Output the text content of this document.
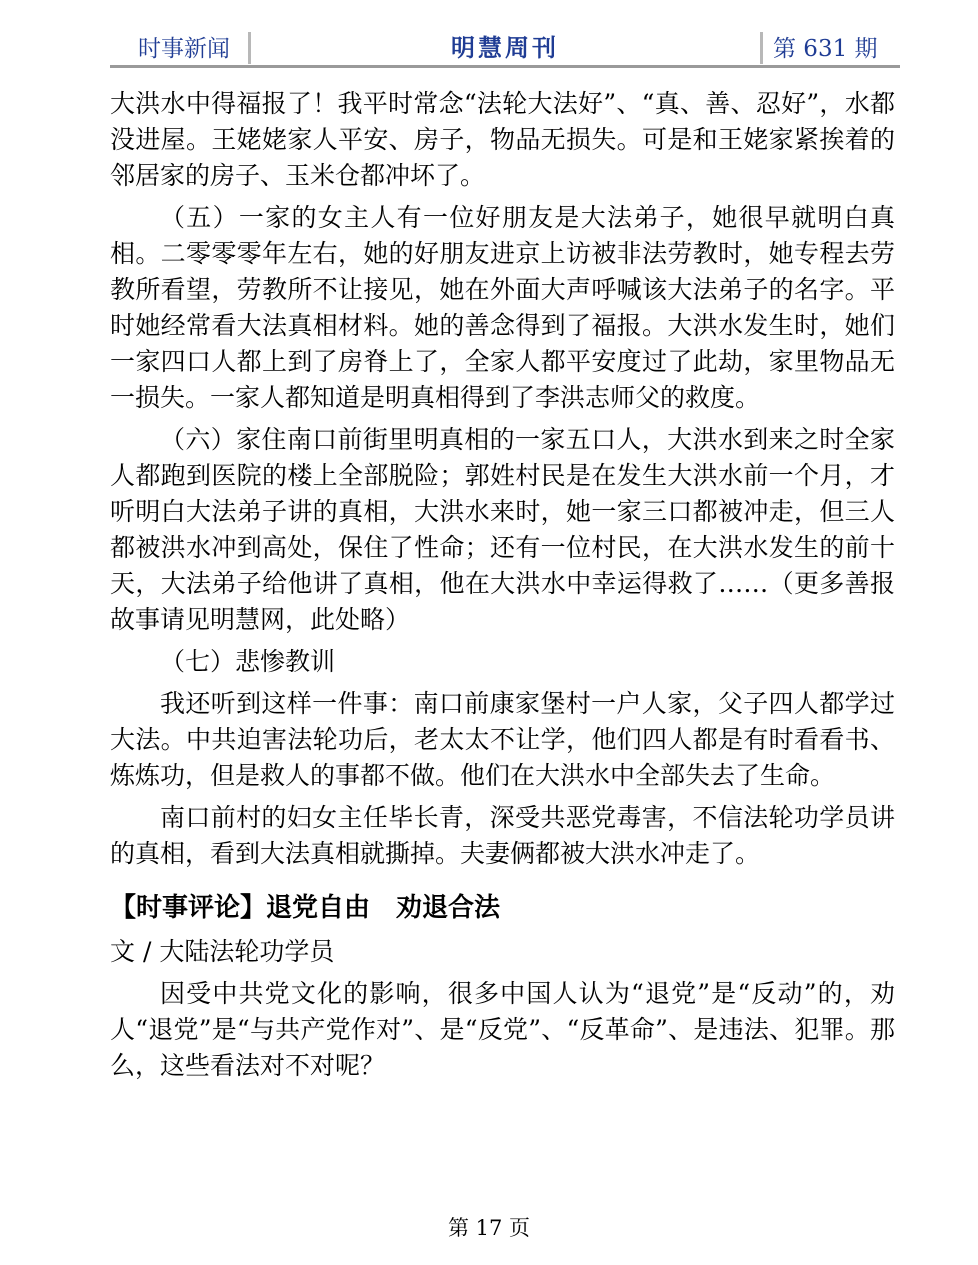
时事新闻	明慧周刊	第 631 期

大洪水中得福报了！我平时常念“法轮大法好”、“真、善、忍好”，水都没进屋。王姥姥家人平安、房子，物品无损失。可是和王姥家紧挨着的邻居家的房子、玉米仓都冲坏了。

（五）一家的女主人有一位好朋友是大法弟子，她很早就明白真相。二零零零年左右，她的好朋友进京上访被非法劳教时，她专程去劳教所看望，劳教所不让接见，她在外面大声呼喊该大法弟子的名字。平时她经常看大法真相材料。她的善念得到了福报。大洪水发生时，她们一家四口人都上到了房脊上了，全家人都平安度过了此劫，家里物品无一损失。一家人都知道是明真相得到了李洪志师父的救度。

（六）家住南口前街里明真相的一家五口人，大洪水到来之时全家人都跑到医院的楼上全部脱险；郭姓村民是在发生大洪水前一个月，才听明白大法弟子讲的真相，大洪水来时，她一家三口都被冲走，但三人都被洪水冲到高处，保住了性命；还有一位村民，在大洪水发生的前十天，大法弟子给他讲了真相，他在大洪水中幸运得救了……（更多善报故事请见明慧网，此处略）

（七）悲惨教训

我还听到这样一件事：南口前康家堡村一户人家，父子四人都学过大法。中共迫害法轮功后，老太太不让学，他们四人都是有时看看书、炼炼功，但是救人的事都不做。他们在大洪水中全部失去了生命。

南口前村的妇女主任毕长青，深受共恶党毒害，不信法轮功学员讲的真相，看到大法真相就撕掉。夫妻俩都被大洪水冲走了。

【时事评论】退党自由　劝退合法

文 / 大陆法轮功学员

因受中共党文化的影响，很多中国人认为“退党”是“反动”的，劝人“退党”是“与共产党作对”、是“反党”、“反革命”、是违法、犯罪。那么，这些看法对不对呢？

第 17 页
